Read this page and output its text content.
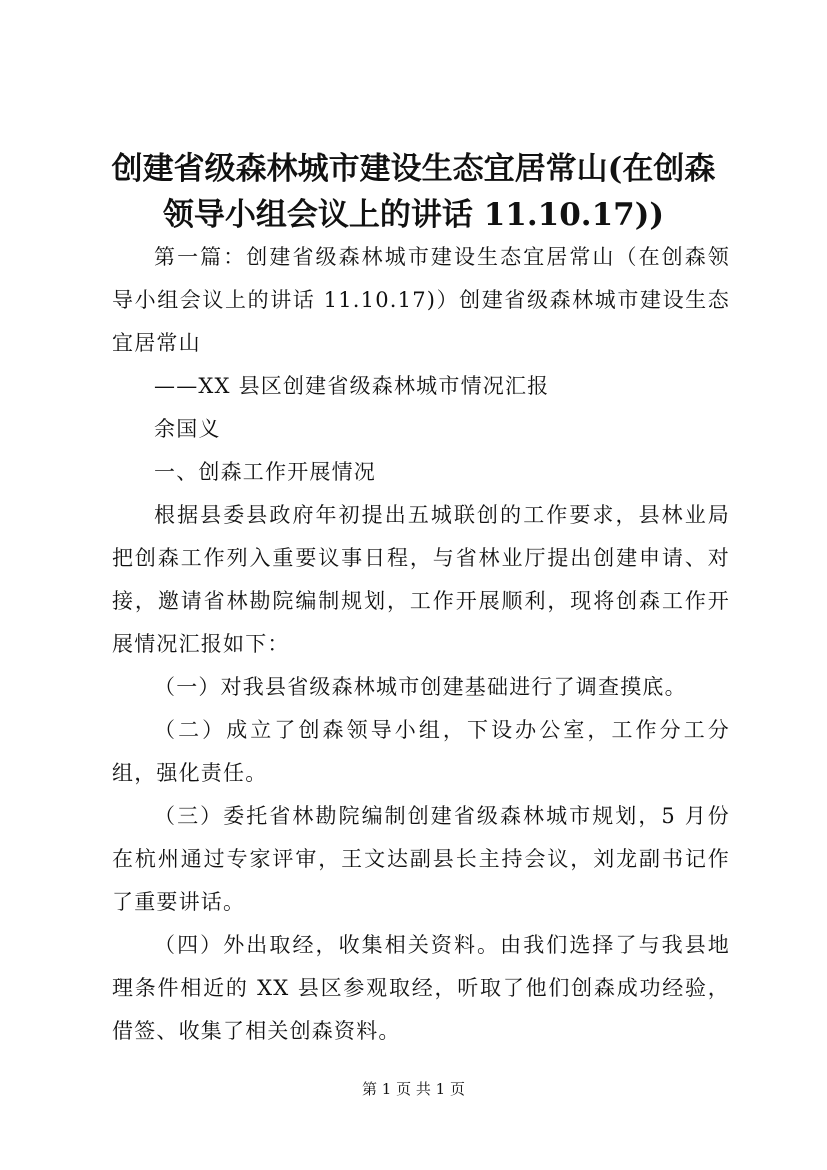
创建省级森林城市建设生态宜居常山(在创森
领导小组会议上的讲话 11.10.17))

第一篇：创建省级森林城市建设生态宜居常山（在创森领导小组会议上的讲话 11.10.17)）创建省级森林城市建设生态宜居常山

——XX 县区创建省级森林城市情况汇报

余国义

一、创森工作开展情况

根据县委县政府年初提出五城联创的工作要求，县林业局把创森工作列入重要议事日程，与省林业厅提出创建申请、对接，邀请省林勘院编制规划，工作开展顺利，现将创森工作开展情况汇报如下：

（一）对我县省级森林城市创建基础进行了调查摸底。

（二）成立了创森领导小组，下设办公室，工作分工分组，强化责任。

（三）委托省林勘院编制创建省级森林城市规划，5 月份在杭州通过专家评审，王文达副县长主持会议，刘龙副书记作了重要讲话。

（四）外出取经，收集相关资料。由我们选择了与我县地理条件相近的 XX 县区参观取经，听取了他们创森成功经验，借签、收集了相关创森资料。

第 1 页 共 1 页
